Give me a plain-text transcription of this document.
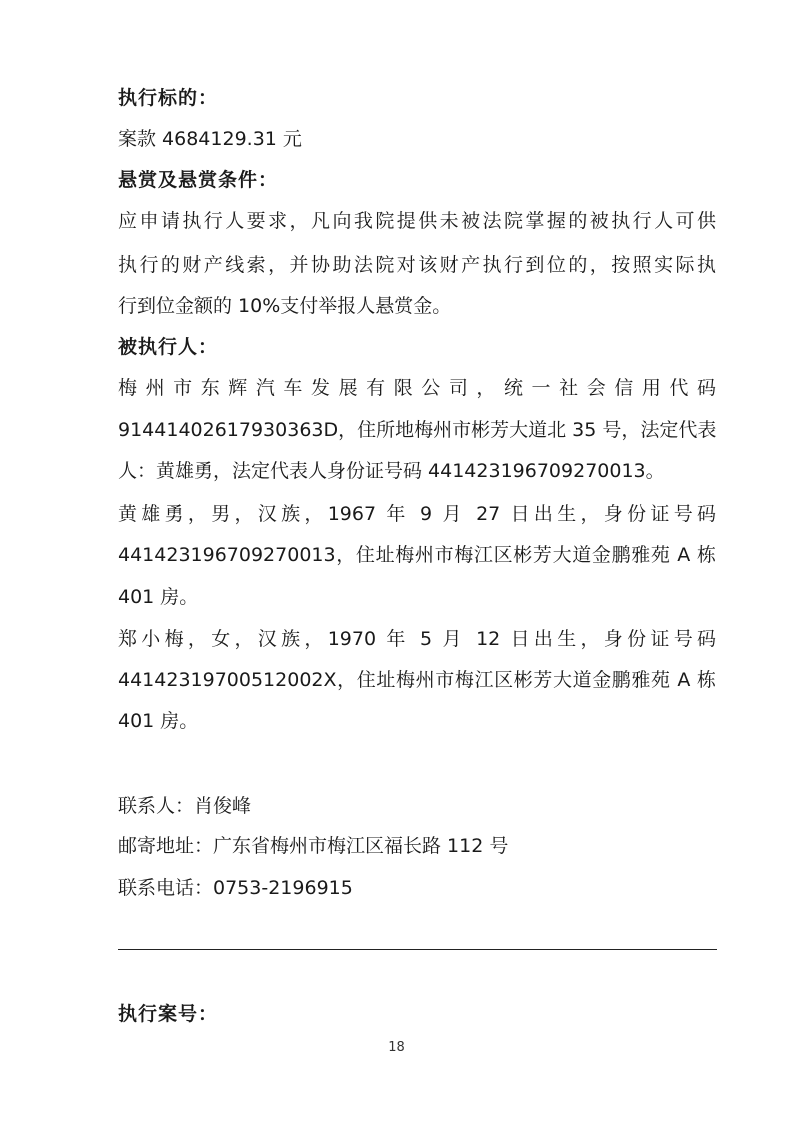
执行标的：
案款 4684129.31 元
悬赏及悬赏条件：
应申请执行人要求，凡向我院提供未被法院掌握的被执行人可供
执行的财产线索，并协助法院对该财产执行到位的，按照实际执
行到位金额的 10%支付举报人悬赏金。
被执行人：
梅州市东辉汽车发展有限公司，统一社会信用代码
91441402617930363D，住所地梅州市彬芳大道北 35 号，法定代表
人：黄雄勇，法定代表人身份证号码 441423196709270013。
黄雄勇，男，汉族，1967 年 9 月 27 日出生，身份证号码
441423196709270013，住址梅州市梅江区彬芳大道金鹏雅苑 A 栋
401 房。
郑小梅，女，汉族，1970 年 5 月 12 日出生，身份证号码
44142319700512002X，住址梅州市梅江区彬芳大道金鹏雅苑 A 栋
401 房。
联系人：肖俊峰
邮寄地址：广东省梅州市梅江区福长路 112 号
联系电话：0753-2196915
执行案号：
18
